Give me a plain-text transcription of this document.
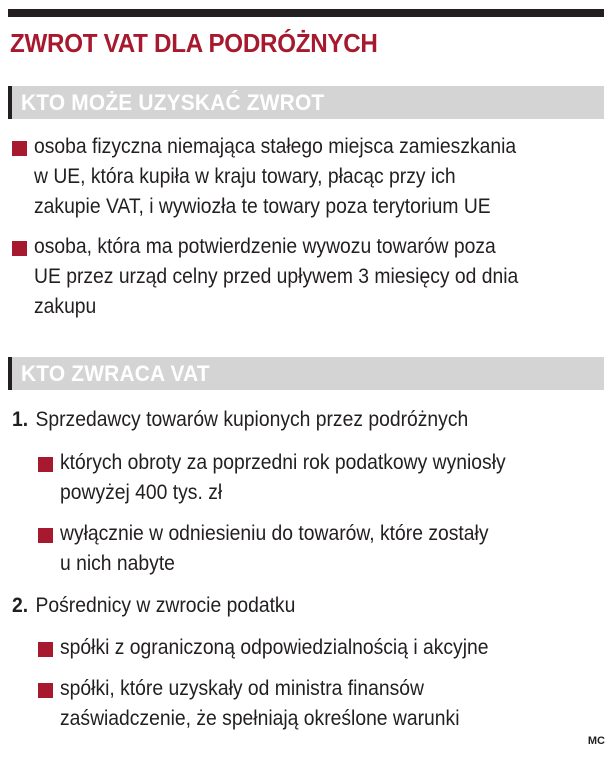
ZWROT VAT DLA PODRÓŻNYCH
KTO MOŻE UZYSKAĆ ZWROT
osoba fizyczna niemająca stałego miejsca zamieszkania
w UE, która kupiła w kraju towary, płacąc przy ich
zakupie VAT, i wywiozła te towary poza terytorium UE
osoba, która ma potwierdzenie wywozu towarów poza
UE przez urząd celny przed upływem 3 miesięcy od dnia
zakupu
KTO ZWRACA VAT
1. Sprzedawcy towarów kupionych przez podróżnych
których obroty za poprzedni rok podatkowy wyniosły
powyżej 400 tys. zł
wyłącznie w odniesieniu do towarów, które zostały
u nich nabyte
2. Pośrednicy w zwrocie podatku
spółki z ograniczoną odpowiedzialnością i akcyjne
spółki, które uzyskały od ministra finansów
zaświadczenie, że spełniają określone warunki
MC
